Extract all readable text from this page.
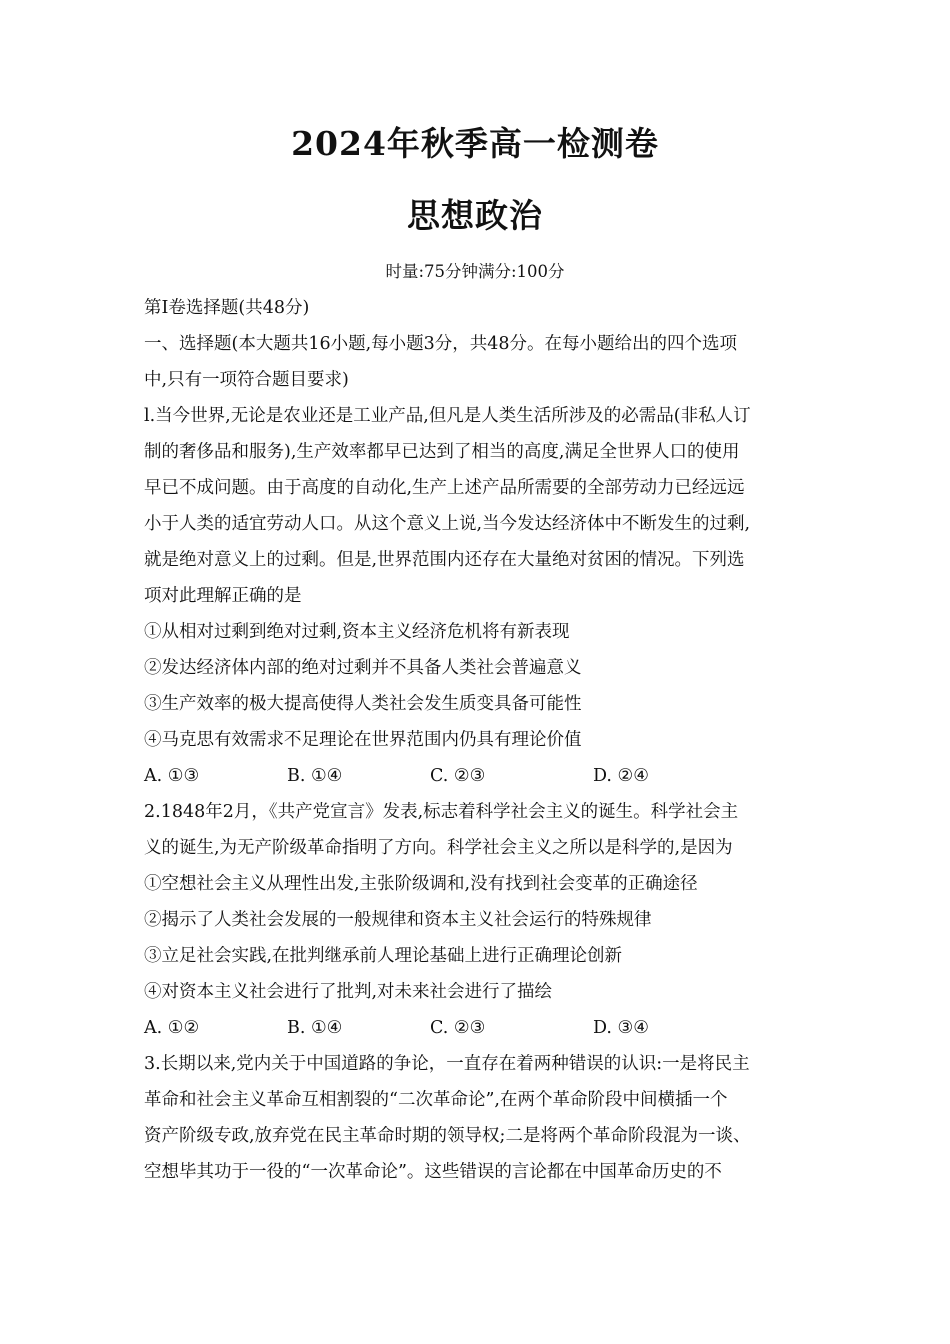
2024年秋季高一检测卷
思想政治
时量:75分钟满分:100分
第Ⅰ卷选择题(共48分)
一、选择题(本大题共16小题,每小题3分，共48分。在每小题给出的四个选项
中,只有一项符合题目要求)
l.当今世界,无论是农业还是工业产品,但凡是人类生活所涉及的必需品(非私人订
制的奢侈品和服务),生产效率都早已达到了相当的高度,满足全世界人口的使用
早已不成问题。由于高度的自动化,生产上述产品所需要的全部劳动力已经远远
小于人类的适宜劳动人口。从这个意义上说,当今发达经济体中不断发生的过剩,
就是绝对意义上的过剩。但是,世界范围内还存在大量绝对贫困的情况。下列选
项对此理解正确的是
①从相对过剩到绝对过剩,资本主义经济危机将有新表现
②发达经济体内部的绝对过剩并不具备人类社会普遍意义
③生产效率的极大提高使得人类社会发生质变具备可能性
④马克思有效需求不足理论在世界范围内仍具有理论价值
A. ①③	B. ①④	C. ②③	D. ②④
2.1848年2月，《共产党宣言》发表,标志着科学社会主义的诞生。科学社会主
义的诞生,为无产阶级革命指明了方向。科学社会主义之所以是科学的,是因为
①空想社会主义从理性出发,主张阶级调和,没有找到社会变革的正确途径
②揭示了人类社会发展的一般规律和资本主义社会运行的特殊规律
③立足社会实践,在批判继承前人理论基础上进行正确理论创新
④对资本主义社会进行了批判,对未来社会进行了描绘
A. ①②	B. ①④	C. ②③	D. ③④
3.长期以来,党内关于中国道路的争论，一直存在着两种错误的认识:一是将民主
革命和社会主义革命互相割裂的“二次革命论”,在两个革命阶段中间横插一个
资产阶级专政,放弃党在民主革命时期的领导权;二是将两个革命阶段混为一谈、
空想毕其功于一役的“一次革命论”。这些错误的言论都在中国革命历史的不
